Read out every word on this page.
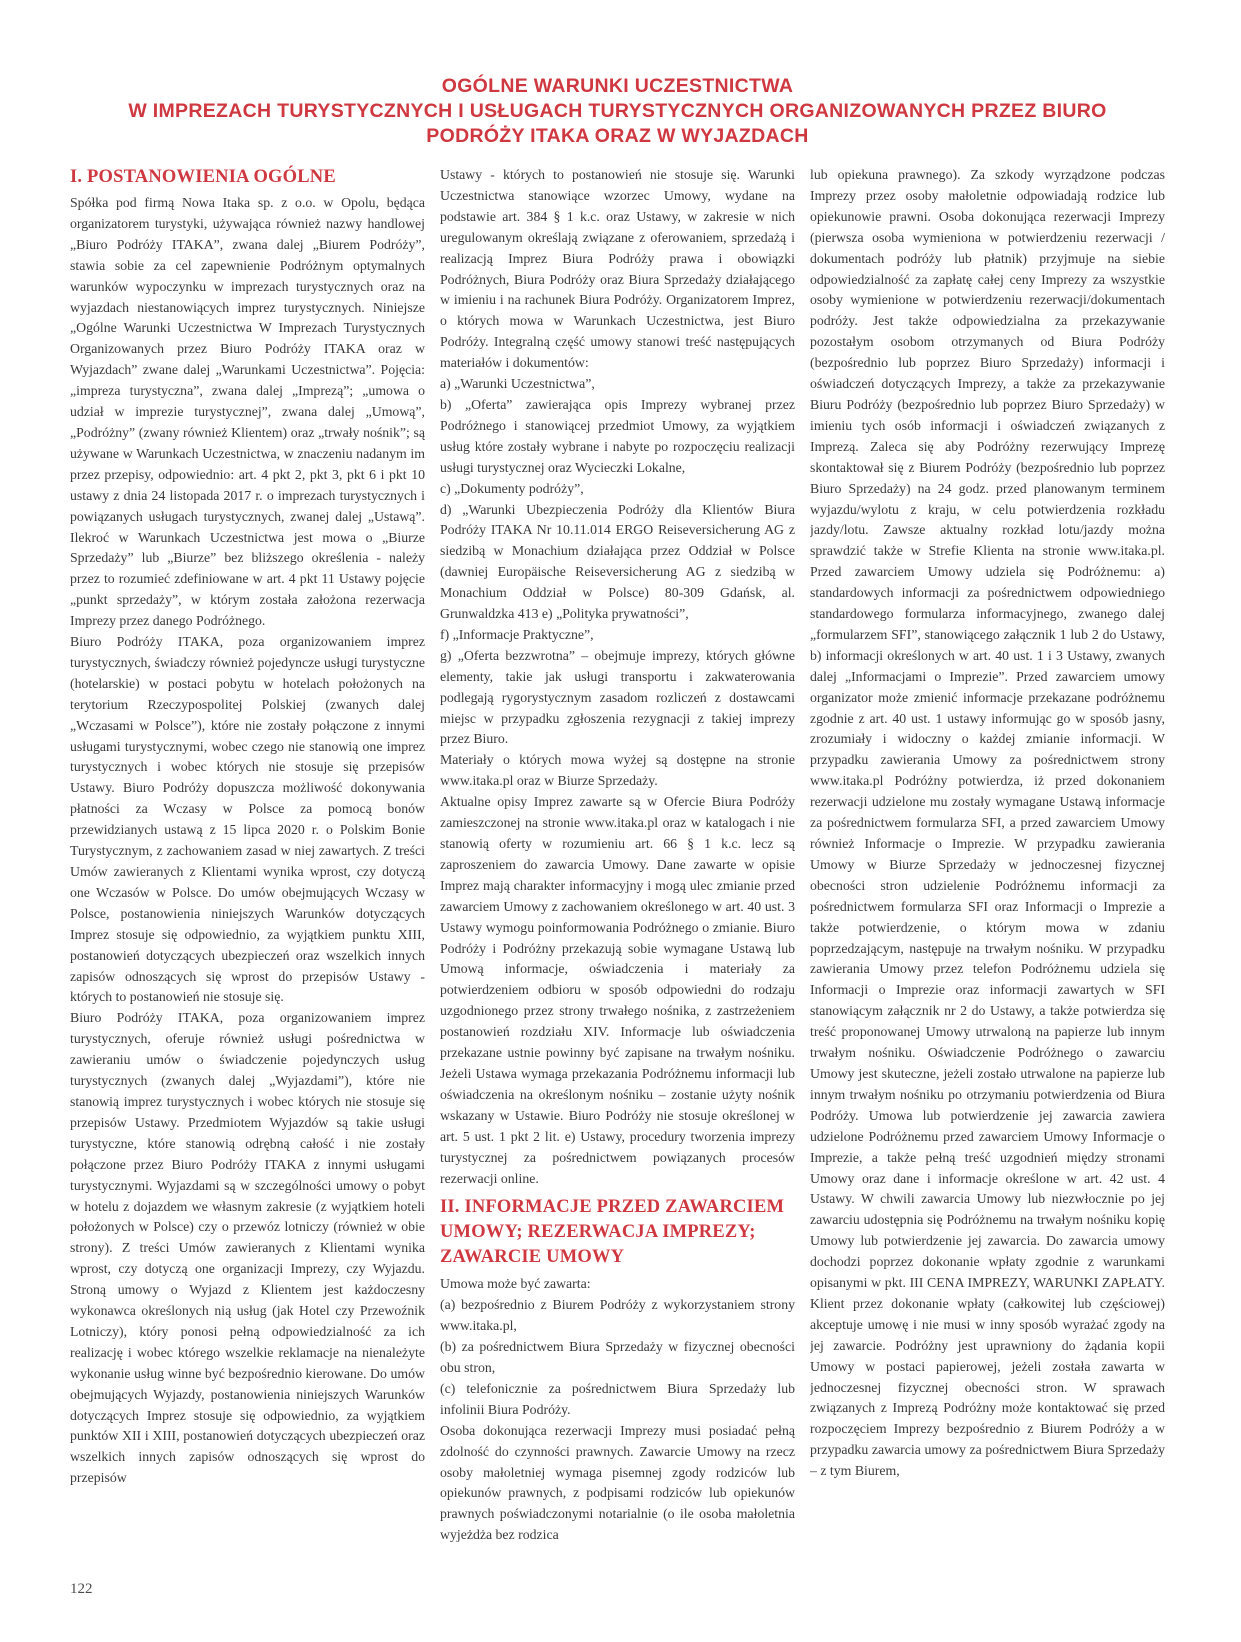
OGÓLNE WARUNKI UCZESTNICTWA
W IMPREZACH TURYSTYCZNYCH I USŁUGACH TURYSTYCZNYCH ORGANIZOWANYCH PRZEZ BIURO
PODRÓŻY ITAKA ORAZ W WYJAZDACH

I. POSTANOWIENIA OGÓLNE

Spółka pod firmą Nowa Itaka sp. z o.o. w Opolu, będąca organizatorem turystyki, używająca również nazwy handlowej „Biuro Podróży ITAKA”, zwana dalej „Biurem Podróży”, stawia sobie za cel zapewnienie Podróżnym optymalnych warunków wypoczynku w imprezach turystycznych oraz na wyjazdach niestanowiących imprez turystycznych. Niniejsze „Ogólne Warunki Uczestnictwa W Imprezach Turystycznych Organizowanych przez Biuro Podróży ITAKA oraz w Wyjazdach” zwane dalej „Warunkami Uczestnictwa”. Pojęcia: „impreza turystyczna”, zwana dalej „Imprezą”; „umowa o udział w imprezie turystycznej”, zwana dalej „Umową”, „Podróżny” (zwany również Klientem) oraz „trwały nośnik”; są używane w Warunkach Uczestnictwa, w znaczeniu nadanym im przez przepisy, odpowiednio: art. 4 pkt 2, pkt 3, pkt 6 i pkt 10 ustawy z dnia 24 listopada 2017 r. o imprezach turystycznych i powiązanych usługach turystycznych, zwanej dalej „Ustawą”. Ilekroć w Warunkach Uczestnictwa jest mowa o „Biurze Sprzedaży” lub „Biurze” bez bliższego określenia - należy przez to rozumieć zdefiniowane w art. 4 pkt 11 Ustawy pojęcie „punkt sprzedaży”, w którym została założona rezerwacja Imprezy przez danego Podróżnego.

Biuro Podróży ITAKA, poza organizowaniem imprez turystycznych, świadczy również pojedyncze usługi turystyczne (hotelarskie) w postaci pobytu w hotelach położonych na terytorium Rzeczypospolitej Polskiej (zwanych dalej „Wczasami w Polsce”), które nie zostały połączone z innymi usługami turystycznymi, wobec czego nie stanowią one imprez turystycznych i wobec których nie stosuje się przepisów Ustawy. Biuro Podróży dopuszcza możliwość dokonywania płatności za Wczasy w Polsce za pomocą bonów przewidzianych ustawą z 15 lipca 2020 r. o Polskim Bonie Turystycznym, z zachowaniem zasad w niej zawartych. Z treści Umów zawieranych z Klientami wynika wprost, czy dotyczą one Wczasów w Polsce. Do umów obejmujących Wczasy w Polsce, postanowienia niniejszych Warunków dotyczących Imprez stosuje się odpowiednio, za wyjątkiem punktu XIII, postanowień dotyczących ubezpieczeń oraz wszelkich innych zapisów odnoszących się wprost do przepisów Ustawy - których to postanowień nie stosuje się.

Biuro Podróży ITAKA, poza organizowaniem imprez turystycznych, oferuje również usługi pośrednictwa w zawieraniu umów o świadczenie pojedynczych usług turystycznych (zwanych dalej „Wyjazdami”), które nie stanowią imprez turystycznych i wobec których nie stosuje się przepisów Ustawy. Przedmiotem Wyjazdów są takie usługi turystyczne, które stanowią odrębną całość i nie zostały połączone przez Biuro Podróży ITAKA z innymi usługami turystycznymi. Wyjazdami są w szczególności umowy o pobyt w hotelu z dojazdem we własnym zakresie (z wyjątkiem hoteli położonych w Polsce) czy o przewóz lotniczy (również w obie strony). Z treści Umów zawieranych z Klientami wynika wprost, czy dotyczą one organizacji Imprezy, czy Wyjazdu. Stroną umowy o Wyjazd z Klientem jest każdoczesny wykonawca określonych nią usług (jak Hotel czy Przewoźnik Lotniczy), który ponosi pełną odpowiedzialność za ich realizację i wobec którego wszelkie reklamacje na nienależyte wykonanie usług winne być bezpośrednio kierowane. Do umów obejmujących Wyjazdy, postanowienia niniejszych Warunków dotyczących Imprez stosuje się odpowiednio, za wyjątkiem punktów XII i XIII, postanowień dotyczących ubezpieczeń oraz wszelkich innych zapisów odnoszących się wprost do przepisów

Ustawy - których to postanowień nie stosuje się. Warunki Uczestnictwa stanowiące wzorzec Umowy, wydane na podstawie art. 384 § 1 k.c. oraz Ustawy, w zakresie w nich uregulowanym określają związane z oferowaniem, sprzedażą i realizacją Imprez Biura Podróży prawa i obowiązki Podróżnych, Biura Podróży oraz Biura Sprzedaży działającego w imieniu i na rachunek Biura Podróży. Organizatorem Imprez, o których mowa w Warunkach Uczestnictwa, jest Biuro Podróży. Integralną część umowy stanowi treść następujących materiałów i dokumentów:

a) „Warunki Uczestnictwa”,

b) „Oferta” zawierająca opis Imprezy wybranej przez Podróżnego i stanowiącej przedmiot Umowy, za wyjątkiem usług które zostały wybrane i nabyte po rozpoczęciu realizacji usługi turystycznej oraz Wycieczki Lokalne,

c) „Dokumenty podróży”,

d) „Warunki Ubezpieczenia Podróży dla Klientów Biura Podróży ITAKA Nr 10.11.014 ERGO Reiseversicherung AG z siedzibą w Monachium działająca przez Oddział w Polsce (dawniej Europäische Reiseversicherung AG z siedzibą w Monachium Oddział w Polsce) 80-309 Gdańsk, al. Grunwaldzka 413 e) „Polityka prywatności”,

f) „Informacje Praktyczne”,

g) „Oferta bezzwrotna” – obejmuje imprezy, których główne elementy, takie jak usługi transportu i zakwaterowania podlegają rygorystycznym zasadom rozliczeń z dostawcami miejsc w przypadku zgłoszenia rezygnacji z takiej imprezy przez Biuro.

Materiały o których mowa wyżej są dostępne na stronie www.itaka.pl oraz w Biurze Sprzedaży.

Aktualne opisy Imprez zawarte są w Ofercie Biura Podróży zamieszczonej na stronie www.itaka.pl oraz w katalogach i nie stanowią oferty w rozumieniu art. 66 § 1 k.c. lecz są zaproszeniem do zawarcia Umowy. Dane zawarte w opisie Imprez mają charakter informacyjny i mogą ulec zmianie przed zawarciem Umowy z zachowaniem określonego w art. 40 ust. 3 Ustawy wymogu poinformowania Podróżnego o zmianie. Biuro Podróży i Podróżny przekazują sobie wymagane Ustawą lub Umową informacje, oświadczenia i materiały za potwierdzeniem odbioru w sposób odpowiedni do rodzaju uzgodnionego przez strony trwałego nośnika, z zastrzeżeniem postanowień rozdziału XIV. Informacje lub oświadczenia przekazane ustnie powinny być zapisane na trwałym nośniku. Jeżeli Ustawa wymaga przekazania Podróżnemu informacji lub oświadczenia na określonym nośniku – zostanie użyty nośnik wskazany w Ustawie. Biuro Podróży nie stosuje określonej w art. 5 ust. 1 pkt 2 lit. e) Ustawy, procedury tworzenia imprezy turystycznej za pośrednictwem powiązanych procesów rezerwacji online.

II. INFORMACJE PRZED ZAWARCIEM UMOWY; REZERWACJA IMPREZY; ZAWARCIE UMOWY

Umowa może być zawarta:

(a) bezpośrednio z Biurem Podróży z wykorzystaniem strony www.itaka.pl,

(b) za pośrednictwem Biura Sprzedaży w fizycznej obecności obu stron,

(c) telefonicznie za pośrednictwem Biura Sprzedaży lub infolinii Biura Podróży.

Osoba dokonująca rezerwacji Imprezy musi posiadać pełną zdolność do czynności prawnych. Zawarcie Umowy na rzecz osoby małoletniej wymaga pisemnej zgody rodziców lub opiekunów prawnych, z podpisami rodziców lub opiekunów prawnych poświadczonymi notarialnie (o ile osoba małoletnia wyjeżdża bez rodzica

lub opiekuna prawnego). Za szkody wyrządzone podczas Imprezy przez osoby małoletnie odpowiadają rodzice lub opiekunowie prawni. Osoba dokonująca rezerwacji Imprezy (pierwsza osoba wymieniona w potwierdzeniu rezerwacji / dokumentach podróży lub płatnik) przyjmuje na siebie odpowiedzialność za zapłatę całej ceny Imprezy za wszystkie osoby wymienione w potwierdzeniu rezerwacji/dokumentach podróży. Jest także odpowiedzialna za przekazywanie pozostałym osobom otrzymanych od Biura Podróży (bezpośrednio lub poprzez Biuro Sprzedaży) informacji i oświadczeń dotyczących Imprezy, a także za przekazywanie Biuru Podróży (bezpośrednio lub poprzez Biuro Sprzedaży) w imieniu tych osób informacji i oświadczeń związanych z Imprezą. Zaleca się aby Podróżny rezerwujący Imprezę skontaktował się z Biurem Podróży (bezpośrednio lub poprzez Biuro Sprzedaży) na 24 godz. przed planowanym terminem wyjazdu/wylotu z kraju, w celu potwierdzenia rozkładu jazdy/lotu. Zawsze aktualny rozkład lotu/jazdy można sprawdzić także w Strefie Klienta na stronie www.itaka.pl. Przed zawarciem Umowy udziela się Podróżnemu: a) standardowych informacji za pośrednictwem odpowiedniego standardowego formularza informacyjnego, zwanego dalej „formularzem SFI”, stanowiącego załącznik 1 lub 2 do Ustawy, b) informacji określonych w art. 40 ust. 1 i 3 Ustawy, zwanych dalej „Informacjami o Imprezie”. Przed zawarciem umowy organizator może zmienić informacje przekazane podróżnemu zgodnie z art. 40 ust. 1 ustawy informując go w sposób jasny, zrozumiały i widoczny o każdej zmianie informacji. W przypadku zawierania Umowy za pośrednictwem strony www.itaka.pl Podróżny potwierdza, iż przed dokonaniem rezerwacji udzielone mu zostały wymagane Ustawą informacje za pośrednictwem formularza SFI, a przed zawarciem Umowy również Informacje o Imprezie. W przypadku zawierania Umowy w Biurze Sprzedaży w jednoczesnej fizycznej obecności stron udzielenie Podróżnemu informacji za pośrednictwem formularza SFI oraz Informacji o Imprezie a także potwierdzenie, o którym mowa w zdaniu poprzedzającym, następuje na trwałym nośniku. W przypadku zawierania Umowy przez telefon Podróżnemu udziela się Informacji o Imprezie oraz informacji zawartych w SFI stanowiącym załącznik nr 2 do Ustawy, a także potwierdza się treść proponowanej Umowy utrwaloną na papierze lub innym trwałym nośniku. Oświadczenie Podróżnego o zawarciu Umowy jest skuteczne, jeżeli zostało utrwalone na papierze lub innym trwałym nośniku po otrzymaniu potwierdzenia od Biura Podróży. Umowa lub potwierdzenie jej zawarcia zawiera udzielone Podróżnemu przed zawarciem Umowy Informacje o Imprezie, a także pełną treść uzgodnień między stronami Umowy oraz dane i informacje określone w art. 42 ust. 4 Ustawy. W chwili zawarcia Umowy lub niezwłocznie po jej zawarciu udostępnia się Podróżnemu na trwałym nośniku kopię Umowy lub potwierdzenie jej zawarcia. Do zawarcia umowy dochodzi poprzez dokonanie wpłaty zgodnie z warunkami opisanymi w pkt. III CENA IMPREZY, WARUNKI ZAPŁATY. Klient przez dokonanie wpłaty (całkowitej lub częściowej) akceptuje umowę i nie musi w inny sposób wyrażać zgody na jej zawarcie. Podróżny jest uprawniony do żądania kopii Umowy w postaci papierowej, jeżeli została zawarta w jednoczesnej fizycznej obecności stron. W sprawach związanych z Imprezą Podróżny może kontaktować się przed rozpoczęciem Imprezy bezpośrednio z Biurem Podróży a w przypadku zawarcia umowy za pośrednictwem Biura Sprzedaży – z tym Biurem,

122
